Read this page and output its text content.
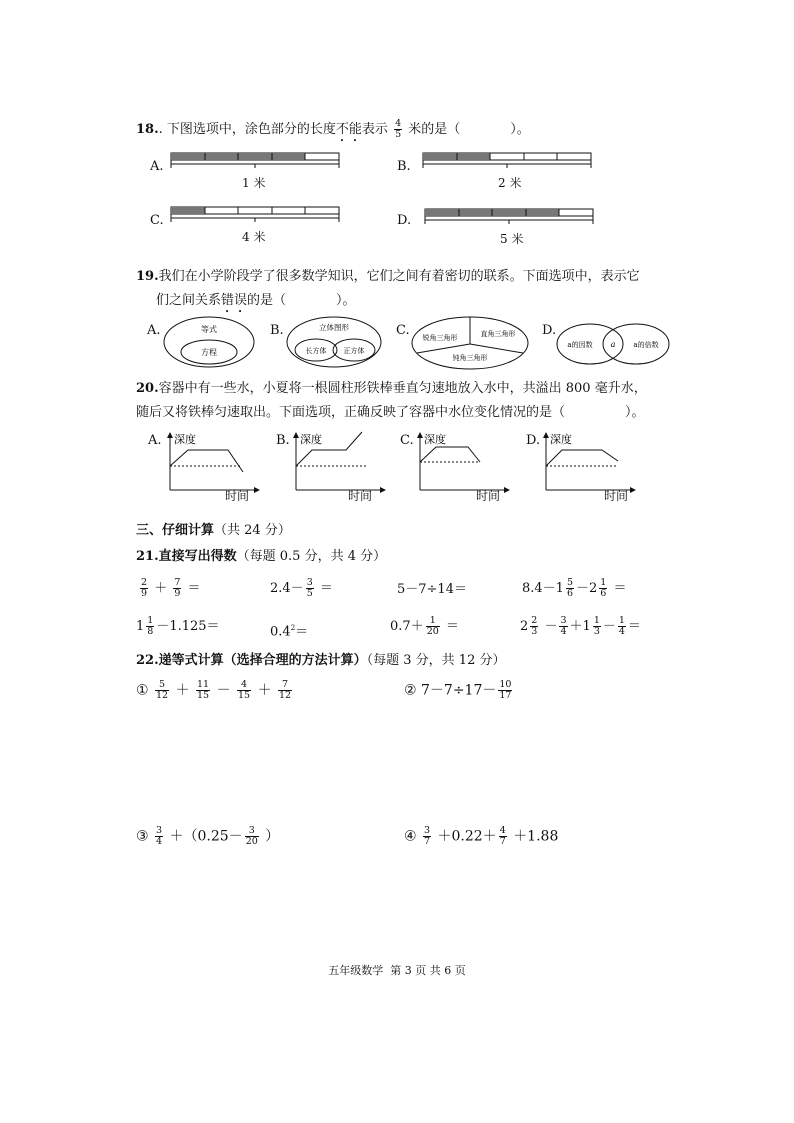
18.. 下图选项中，涂色部分的长度不能表示 $\frac{4}{5}$ 米的是（	）。
A.
1 米
B.
2 米
C.
4 米
D.
5 米
19.我们在小学阶段学了很多数学知识，它们之间有着密切的联系。下面选项中，表示它
们之间关系错误的是（	）。
A.	等式
方程
B.	立体图形
长方体 正方体
C. 锐角三角形	直角三角形
钝角三角形
D.
a的因数 a	a的倍数
20.容器中有一些水，小夏将一根圆柱形铁棒垂直匀速地放入水中，共溢出 800 毫升水，
随后又将铁棒匀速取出。下面选项，正确反映了容器中水位变化情况的是（	）。
A. 深度
时间
B. 深度
时间
C. 深度
时间
D. 深度
时间
三、仔细计算（共 24 分）
21.直接写出得数（每题 0.5 分，共 4 分）
$\frac{2}{9} + \frac{7}{9}$ ＝	$2.4- \frac{3}{5}$ ＝	5－7÷14＝	$8.4-1 \frac{5}{6} -2 \frac{1}{6}$ ＝
$1 \frac{1}{8} -1.125=$	$0.4^2=$	$0.7+ \frac{1}{20}$ ＝	$2 \frac{2}{3} - \frac{3}{4} +1 \frac{1}{3} - \frac{1}{4}$ ＝
22.递等式计算（选择合理的方法计算）（每题 3 分，共 12 分）
① $\frac{5}{12} + \frac{11}{15} - \frac{4}{15} + \frac{7}{12}$	② $7-7\div 17- \frac{10}{17}$
③ $\frac{3}{4} +(0.25- \frac{3}{20}$ ）	④ $\frac{3}{7} +0.22+ \frac{4}{7} +1.88$
五年级数学  第 3 页 共 6 页
